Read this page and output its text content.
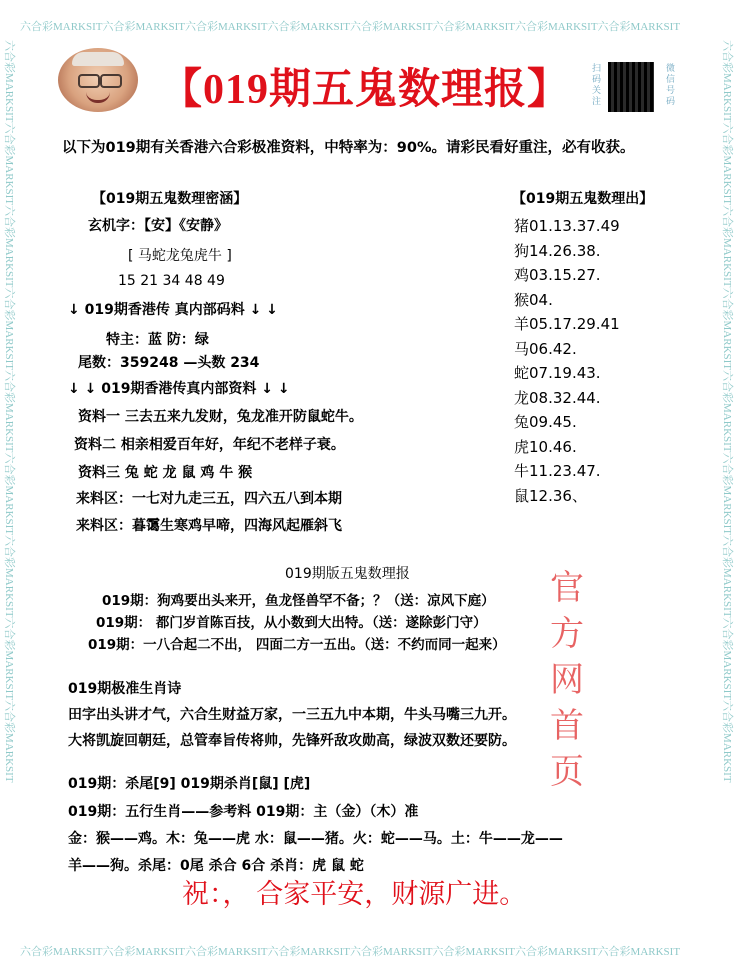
六合彩MARKSIT六合彩MARKSIT六合彩MARKSIT六合彩MARKSIT六合彩MARKSIT六合彩MARKSIT六合彩MARKSIT六合彩MARKSIT
六合彩MARKSIT六合彩MARKSIT六合彩MARKSIT六合彩MARKSIT六合彩MARKSIT六合彩MARKSIT六合彩MARKSIT六合彩MARKSIT
六合彩MARKSIT六合彩MARKSIT六合彩MARKSIT六合彩MARKSIT六合彩MARKSIT六合彩MARKSIT六合彩MARKSIT六合彩MARKSIT六合彩MARKSIT	六合彩MARKSIT六合彩MARKSIT六合彩MARKSIT六合彩MARKSIT六合彩MARKSIT六合彩MARKSIT六合彩MARKSIT六合彩MARKSIT六合彩MARKSIT
【019期五鬼数理报】 扫码关注
微信号码
以下为019期有关香港六合彩极准资料，中特率为：90%。请彩民看好重注，必有收获。
【019期五鬼数理密涵】
玄机字：【安】《安静》
[ 马蛇龙兔虎牛 ]
15 21 34 48 49
↓ 019期香港传 真内部码料 ↓ ↓
特主：蓝 防：绿
尾数：359248 —头数 234
↓ ↓ 019期香港传真内部资料 ↓ ↓
资料一 三去五来九发财，兔龙准开防鼠蛇牛。
资料二 相亲相爱百年好，年纪不老样子衰。
资料三 兔 蛇 龙 鼠 鸡 牛 猴
来料区：一七对九走三五，四六五八到本期
来料区：暮霭生寒鸡早啼，四海风起雁斜飞
【019期五鬼数理出】
猪01.13.37.49
狗14.26.38.
鸡03.15.27.
猴04.
羊05.17.29.41
马06.42.
蛇07.19.43.
龙08.32.44.
兔09.45.
虎10.46.
牛11.23.47.
鼠12.36、
019期版五鬼数理报
019期：狗鸡要出头来开，鱼龙怪兽罕不备；？（送：凉风下庭）
019期： 都门岁首陈百技，从小数到大出特。（送：遂除彭门守）
019期：一八合起二不出， 四面二方一五出。（送：不约而同一起来）
官
方
网
首
页
019期极准生肖诗
田字出头讲才气，六合生财益万家，一三五九中本期，牛头马嘴三九开。
大将凯旋回朝廷，总管奉旨传将帅，先锋歼敌攻勋高，绿波双数还要防。
019期：杀尾[9] 019期杀肖[鼠] [虎]
019期：五行生肖——参考料 019期：主（金）（木）准
金：猴——鸡。木：兔——虎 水：鼠——猪。火：蛇——马。土：牛——龙——
羊——狗。杀尾：0尾 杀合 6合 杀肖：虎 鼠 蛇
祝：， 合家平安，财源广进。
